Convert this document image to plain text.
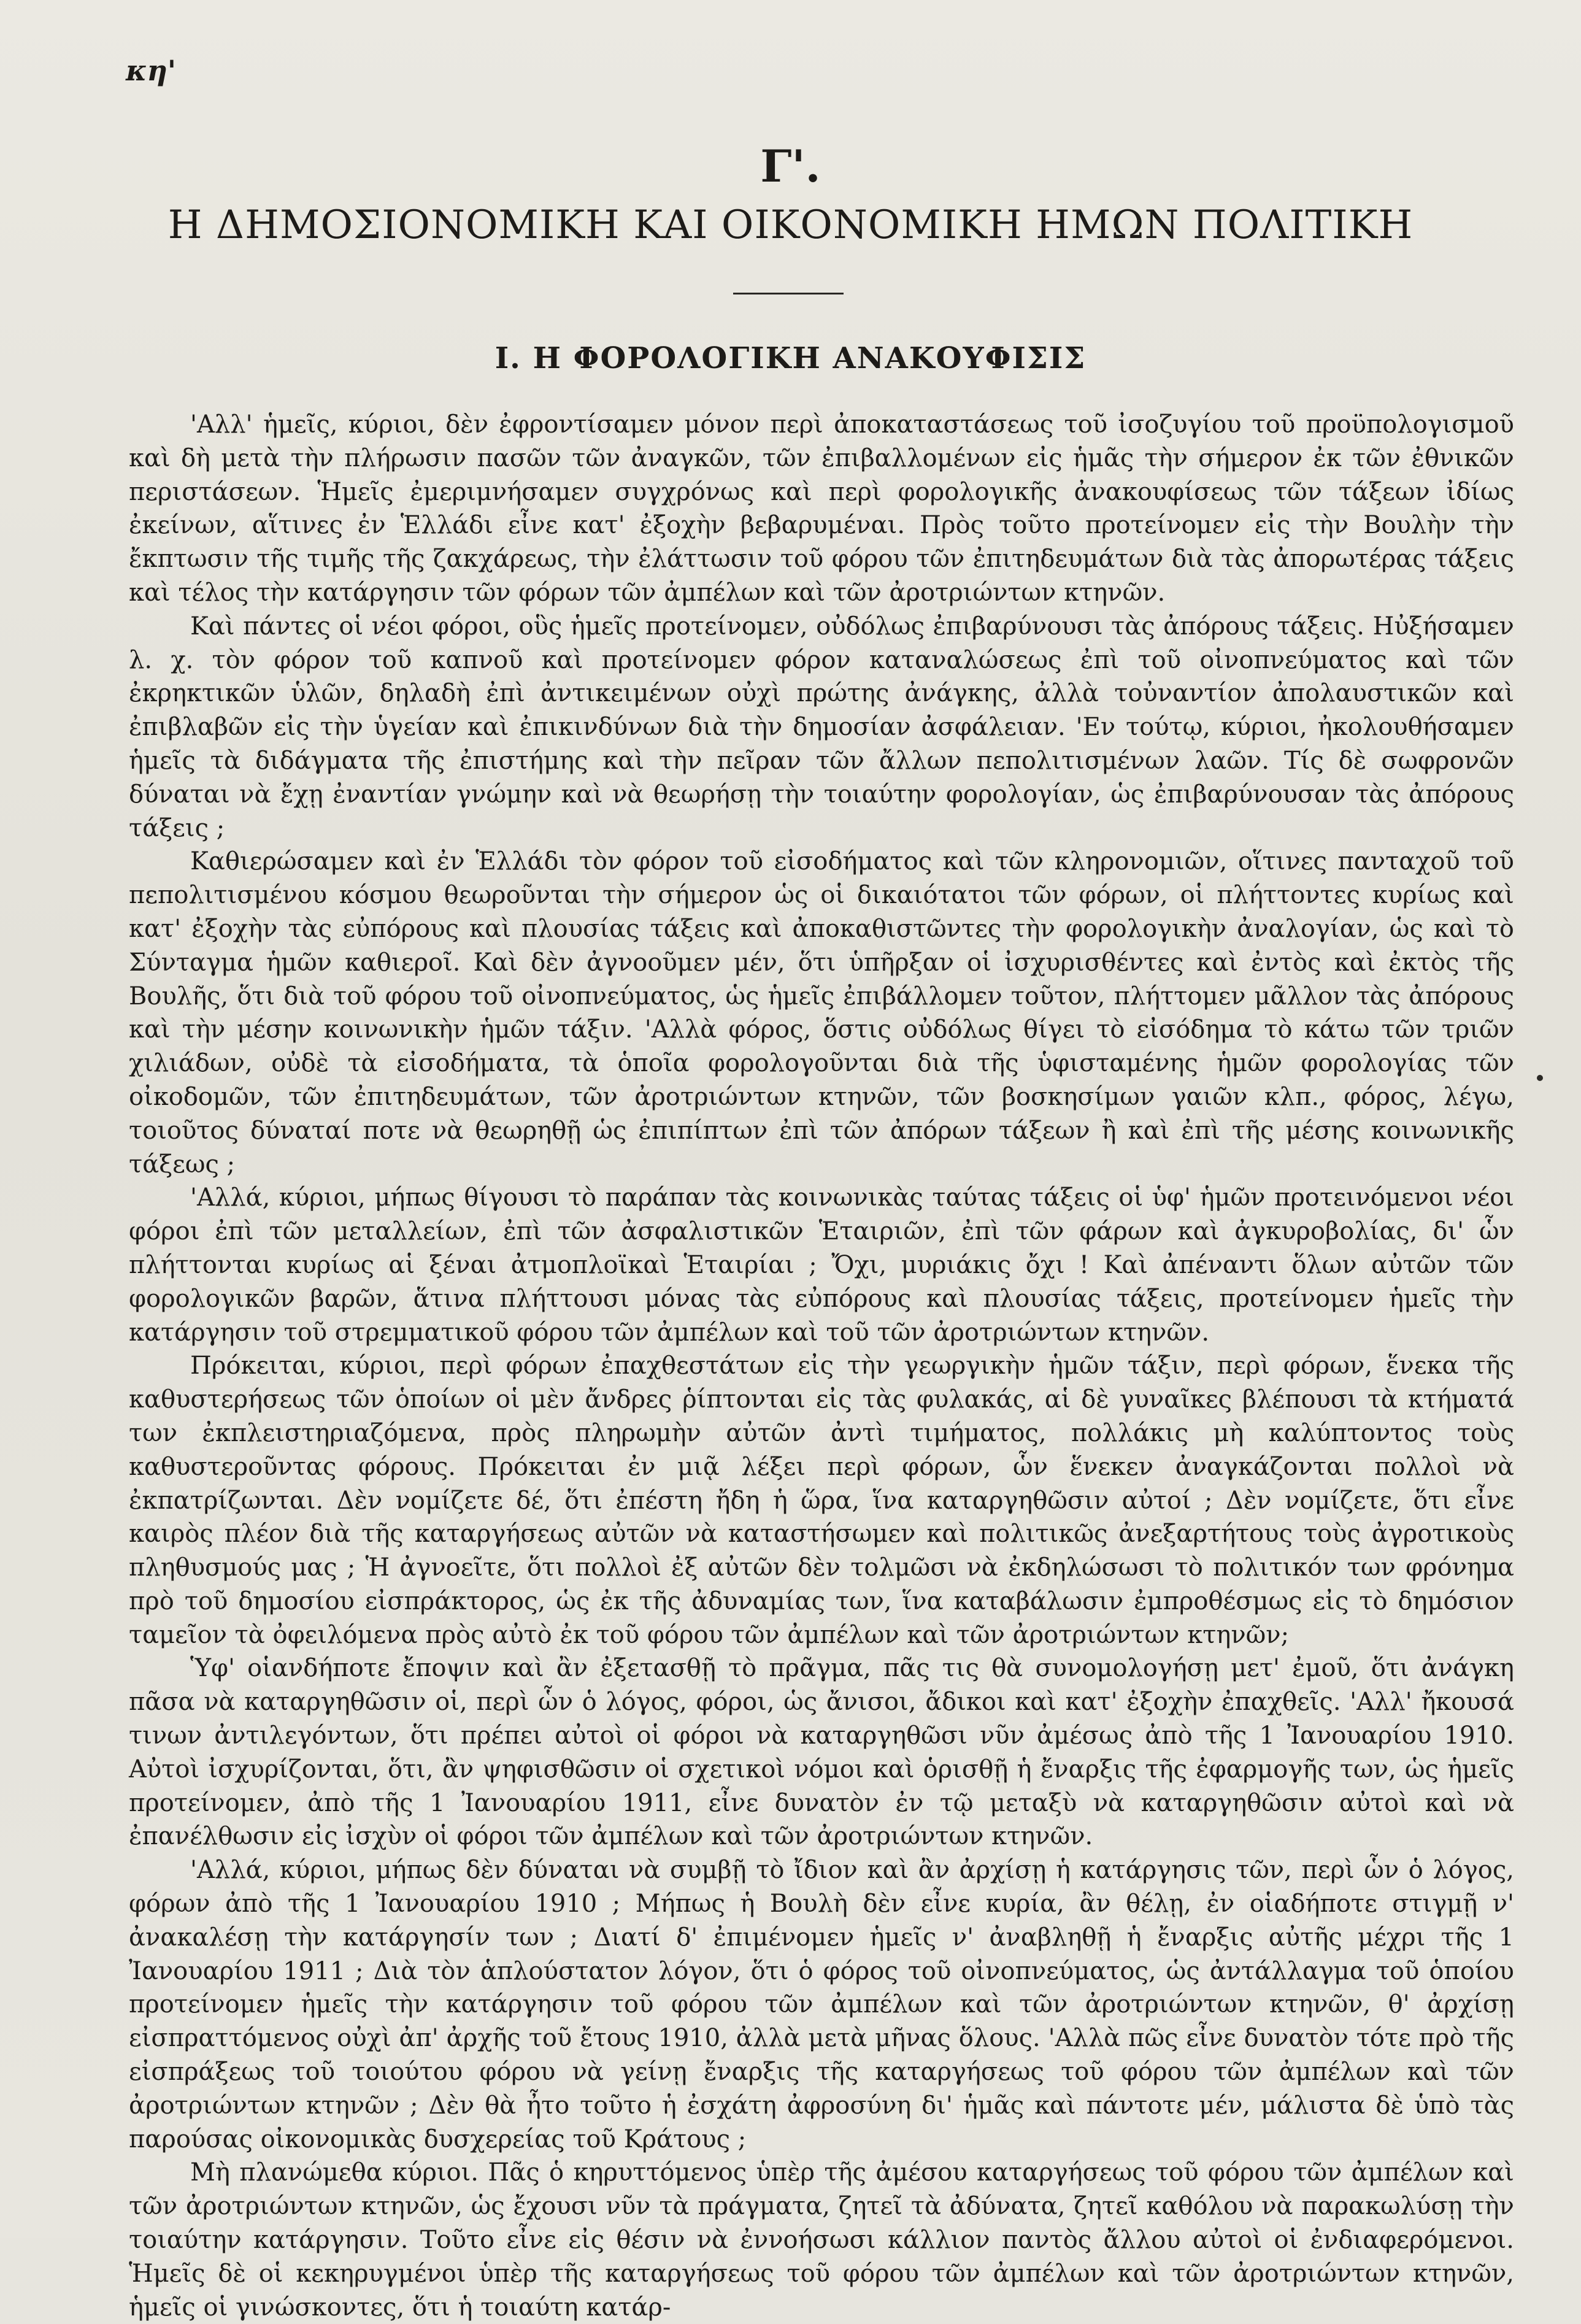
κη'
Γ'.
Η ΔΗΜΟΣΙΟΝΟΜΙΚΗ ΚΑΙ ΟΙΚΟΝΟΜΙΚΗ ΗΜΩΝ ΠΟΛΙΤΙΚΗ
I. Η ΦΟΡΟΛΟΓΙΚΗ ΑΝΑΚΟΥΦΙΣΙΣ

'Αλλ' ἡμεῖς, κύριοι, δὲν ἐφροντίσαμεν μόνον περὶ ἀποκαταστάσεως τοῦ ἰσοζυγίου τοῦ προϋπολογισμοῦ καὶ δὴ μετὰ τὴν πλήρωσιν πασῶν τῶν ἀναγκῶν, τῶν ἐπιβαλλομένων εἰς ἡμᾶς τὴν σήμερον ἐκ τῶν ἐθνικῶν περιστάσεων. Ἡμεῖς ἐμεριμνήσαμεν συγχρόνως καὶ περὶ φορολογικῆς ἀνακουφίσεως τῶν τάξεων ἰδίως ἐκείνων, αἵτινες ἐν Ἑλλάδι εἶνε κατ' ἐξοχὴν βεβαρυμέναι. Πρὸς τοῦτο προτείνομεν εἰς τὴν Βουλὴν τὴν ἔκπτωσιν τῆς τιμῆς τῆς ζακχάρεως, τὴν ἐλάττωσιν τοῦ φόρου τῶν ἐπιτηδευμάτων διὰ τὰς ἀπορωτέρας τάξεις καὶ τέλος τὴν κατάργησιν τῶν φόρων τῶν ἀμπέλων καὶ τῶν ἀροτριώντων κτηνῶν.

Καὶ πάντες οἱ νέοι φόροι, οὓς ἡμεῖς προτείνομεν, οὐδόλως ἐπιβαρύνουσι τὰς ἀπόρους τάξεις. Ηὐξήσαμεν λ. χ. τὸν φόρον τοῦ καπνοῦ καὶ προτείνομεν φόρον καταναλώσεως ἐπὶ τοῦ οἰνοπνεύματος καὶ τῶν ἐκρηκτικῶν ὑλῶν, δηλαδὴ ἐπὶ ἀντικειμένων οὐχὶ πρώτης ἀνάγκης, ἀλλὰ τοὐναντίον ἀπολαυστικῶν καὶ ἐπιβλαβῶν εἰς τὴν ὑγείαν καὶ ἐπικινδύνων διὰ τὴν δημοσίαν ἀσφάλειαν. 'Εν τούτῳ, κύριοι, ἠκολουθήσαμεν ἡμεῖς τὰ διδάγματα τῆς ἐπιστήμης καὶ τὴν πεῖραν τῶν ἄλλων πεπολιτισμένων λαῶν. Τίς δὲ σωφρονῶν δύναται νὰ ἔχῃ ἐναντίαν γνώμην καὶ νὰ θεωρήσῃ τὴν τοιαύτην φορολογίαν, ὡς ἐπιβαρύνουσαν τὰς ἀπόρους τάξεις ;

Καθιερώσαμεν καὶ ἐν Ἑλλάδι τὸν φόρον τοῦ εἰσοδήματος καὶ τῶν κληρονομιῶν, οἵτινες πανταχοῦ τοῦ πεπολιτισμένου κόσμου θεωροῦνται τὴν σήμερον ὡς οἱ δικαιότατοι τῶν φόρων, οἱ πλήττοντες κυρίως καὶ κατ' ἐξοχὴν τὰς εὐπόρους καὶ πλουσίας τάξεις καὶ ἀποκαθιστῶντες τὴν φορολογικὴν ἀναλογίαν, ὡς καὶ τὸ Σύνταγμα ἡμῶν καθιεροῖ. Καὶ δὲν ἀγνοοῦμεν μέν, ὅτι ὑπῆρξαν οἱ ἰσχυρισθέντες καὶ ἐντὸς καὶ ἐκτὸς τῆς Βουλῆς, ὅτι διὰ τοῦ φόρου τοῦ οἰνοπνεύματος, ὡς ἡμεῖς ἐπιβάλλομεν τοῦτον, πλήττομεν μᾶλλον τὰς ἀπόρους καὶ τὴν μέσην κοινωνικὴν ἡμῶν τάξιν. 'Αλλὰ φόρος, ὅστις οὐδόλως θίγει τὸ εἰσόδημα τὸ κάτω τῶν τριῶν χιλιάδων, οὐδὲ τὰ εἰσοδήματα, τὰ ὁποῖα φορολογοῦνται διὰ τῆς ὑφισταμένης ἡμῶν φορολογίας τῶν οἰκοδομῶν, τῶν ἐπιτηδευμάτων, τῶν ἀροτριώντων κτηνῶν, τῶν βοσκησίμων γαιῶν κλπ., φόρος, λέγω, τοιοῦτος δύναταί ποτε νὰ θεωρηθῇ ὡς ἐπιπίπτων ἐπὶ τῶν ἀπόρων τάξεων ἢ καὶ ἐπὶ τῆς μέσης κοινωνικῆς τάξεως ;

'Αλλά, κύριοι, μήπως θίγουσι τὸ παράπαν τὰς κοινωνικὰς ταύτας τάξεις οἱ ὑφ' ἡμῶν προτεινόμενοι νέοι φόροι ἐπὶ τῶν μεταλλείων, ἐπὶ τῶν ἀσφαλιστικῶν Ἑταιριῶν, ἐπὶ τῶν φάρων καὶ ἀγκυροβολίας, δι' ὧν πλήττονται κυρίως αἱ ξέναι ἀτμοπλοϊκαὶ Ἑταιρίαι ; Ὄχι, μυριάκις ὄχι ! Καὶ ἀπέναντι ὅλων αὐτῶν τῶν φορολογικῶν βαρῶν, ἅτινα πλήττουσι μόνας τὰς εὐπόρους καὶ πλουσίας τάξεις, προτείνομεν ἡμεῖς τὴν κατάργησιν τοῦ στρεμματικοῦ φόρου τῶν ἀμπέλων καὶ τοῦ τῶν ἀροτριώντων κτηνῶν.

Πρόκειται, κύριοι, περὶ φόρων ἐπαχθεστάτων εἰς τὴν γεωργικὴν ἡμῶν τάξιν, περὶ φόρων, ἕνεκα τῆς καθυστερήσεως τῶν ὁποίων οἱ μὲν ἄνδρες ῥίπτονται εἰς τὰς φυλακάς, αἱ δὲ γυναῖκες βλέπουσι τὰ κτήματά των ἐκπλειστηριαζόμενα, πρὸς πληρωμὴν αὐτῶν ἀντὶ τιμήματος, πολλάκις μὴ καλύπτοντος τοὺς καθυστεροῦντας φόρους. Πρόκειται ἐν μιᾷ λέξει περὶ φόρων, ὧν ἕνεκεν ἀναγκάζονται πολλοὶ νὰ ἐκπατρίζωνται. Δὲν νομίζετε δέ, ὅτι ἐπέστη ἤδη ἡ ὥρα, ἵνα καταργηθῶσιν αὐτοί ; Δὲν νομίζετε, ὅτι εἶνε καιρὸς πλέον διὰ τῆς καταργήσεως αὐτῶν νὰ καταστήσωμεν καὶ πολιτικῶς ἀνεξαρτήτους τοὺς ἀγροτικοὺς πληθυσμούς μας ; Ἡ ἀγνοεῖτε, ὅτι πολλοὶ ἐξ αὐτῶν δὲν τολμῶσι νὰ ἐκδηλώσωσι τὸ πολιτικόν των φρόνημα πρὸ τοῦ δημοσίου εἰσπράκτορος, ὡς ἐκ τῆς ἀδυναμίας των, ἵνα καταβάλωσιν ἐμπροθέσμως εἰς τὸ δημόσιον ταμεῖον τὰ ὀφειλόμενα πρὸς αὐτὸ ἐκ τοῦ φόρου τῶν ἀμπέλων καὶ τῶν ἀροτριώντων κτηνῶν;

Ὑφ' οἱανδήποτε ἔποψιν καὶ ἂν ἐξετασθῇ τὸ πρᾶγμα, πᾶς τις θὰ συνομολογήσῃ μετ' ἐμοῦ, ὅτι ἀνάγκη πᾶσα νὰ καταργηθῶσιν οἱ, περὶ ὧν ὁ λόγος, φόροι, ὡς ἄνισοι, ἄδικοι καὶ κατ' ἐξοχὴν ἐπαχθεῖς. 'Αλλ' ἤκουσά τινων ἀντιλεγόντων, ὅτι πρέπει αὐτοὶ οἱ φόροι νὰ καταργηθῶσι νῦν ἀμέσως ἀπὸ τῆς 1 Ἰανουαρίου 1910. Αὐτοὶ ἰσχυρίζονται, ὅτι, ἂν ψηφισθῶσιν οἱ σχετικοὶ νόμοι καὶ ὁρισθῇ ἡ ἔναρξις τῆς ἐφαρμογῆς των, ὡς ἡμεῖς προτείνομεν, ἀπὸ τῆς 1 Ἰανουαρίου 1911, εἶνε δυνατὸν ἐν τῷ μεταξὺ νὰ καταργηθῶσιν αὐτοὶ καὶ νὰ ἐπανέλθωσιν εἰς ἰσχὺν οἱ φόροι τῶν ἀμπέλων καὶ τῶν ἀροτριώντων κτηνῶν.

'Αλλά, κύριοι, μήπως δὲν δύναται νὰ συμβῇ τὸ ἴδιον καὶ ἂν ἀρχίσῃ ἡ κατάργησις τῶν, περὶ ὧν ὁ λόγος, φόρων ἀπὸ τῆς 1 Ἰανουαρίου 1910 ; Μήπως ἡ Βουλὴ δὲν εἶνε κυρία, ἂν θέλῃ, ἐν οἱαδήποτε στιγμῇ ν' ἀνακαλέσῃ τὴν κατάργησίν των ; Διατί δ' ἐπιμένομεν ἡμεῖς ν' ἀναβληθῇ ἡ ἔναρξις αὐτῆς μέχρι τῆς 1 Ἰανουαρίου 1911 ; Διὰ τὸν ἁπλούστατον λόγον, ὅτι ὁ φόρος τοῦ οἰνοπνεύματος, ὡς ἀντάλλαγμα τοῦ ὁποίου προτείνομεν ἡμεῖς τὴν κατάργησιν τοῦ φόρου τῶν ἀμπέλων καὶ τῶν ἀροτριώντων κτηνῶν, θ' ἀρχίσῃ εἰσπραττόμενος οὐχὶ ἀπ' ἀρχῆς τοῦ ἔτους 1910, ἀλλὰ μετὰ μῆνας ὅλους. 'Αλλὰ πῶς εἶνε δυνατὸν τότε πρὸ τῆς εἰσπράξεως τοῦ τοιούτου φόρου νὰ γείνῃ ἔναρξις τῆς καταργήσεως τοῦ φόρου τῶν ἀμπέλων καὶ τῶν ἀροτριώντων κτηνῶν ; Δὲν θὰ ἦτο τοῦτο ἡ ἐσχάτη ἀφροσύνη δι' ἡμᾶς καὶ πάντοτε μέν, μάλιστα δὲ ὑπὸ τὰς παρούσας οἰκονομικὰς δυσχερείας τοῦ Κράτους ;

Μὴ πλανώμεθα κύριοι. Πᾶς ὁ κηρυττόμενος ὑπὲρ τῆς ἀμέσου καταργήσεως τοῦ φόρου τῶν ἀμπέλων καὶ τῶν ἀροτριώντων κτηνῶν, ὡς ἔχουσι νῦν τὰ πράγματα, ζητεῖ τὰ ἀδύνατα, ζητεῖ καθόλου νὰ παρακωλύσῃ τὴν τοιαύτην κατάργησιν. Τοῦτο εἶνε εἰς θέσιν νὰ ἐννοήσωσι κάλλιον παντὸς ἄλλου αὐτοὶ οἱ ἐνδιαφερόμενοι. Ἡμεῖς δὲ οἱ κεκηρυγμένοι ὑπὲρ τῆς καταργήσεως τοῦ φόρου τῶν ἀμπέλων καὶ τῶν ἀροτριώντων κτηνῶν, ἡμεῖς οἱ γινώσκοντες, ὅτι ἡ τοιαύτη κατάρ-
